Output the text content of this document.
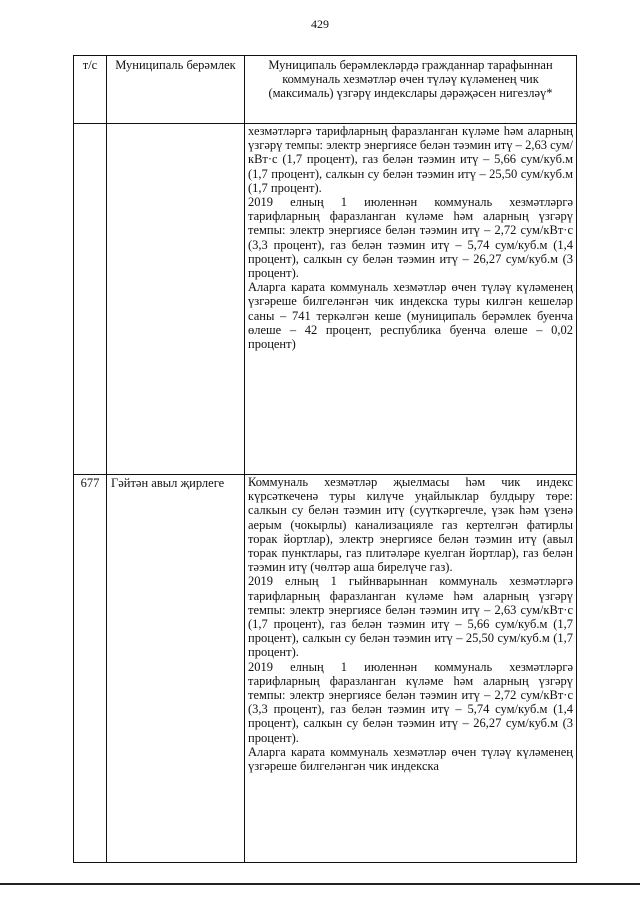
429
т/с	Муниципаль берәмлек	Муниципаль берәмлекләрдә гражданнар тарафыннан коммуналь хезмәтләр өчен түләү күләменең чик (максималь) үзгәрү индекслары дәрәҗәсен нигезләү*

		хезмәтләргә тарифларның фаразланган күләме һәм аларның үзгәрү темпы: электр энергиясе белән тәэмин итү – 2,63 сум/кВт·с (1,7 процент), газ белән тәэмин итү – 5,66 сум/куб.м (1,7 процент), салкын су белән тәэмин итү – 25,50 сум/куб.м (1,7 процент).

2019 елның 1 июленнән коммуналь хезмәтләргә тарифларның фаразланган күләме һәм аларның үзгәрү темпы: электр энергиясе белән тәэмин итү – 2,72 сум/кВт·с (3,3 процент), газ белән тәэмин итү – 5,74 сум/куб.м (1,4 процент), салкын су белән тәэмин итү – 26,27 сум/куб.м (3 процент).

Аларга карата коммуналь хезмәтләр өчен түләү күләменең үзгәреше билгеләнгән чик индекска туры килгән кешеләр саны – 741 теркәлгән кеше (муниципаль берәмлек буенча өлеше – 42 процент, республика буенча өлеше – 0,02 процент)

677	Гәйтән авыл җирлеге	Коммуналь хезмәтләр җыелмасы һәм чик индекс күрсәткеченә туры килүче уңайлыклар булдыру төре: салкын су белән тәэмин итү (суүткәргечле, үзәк һәм үзенә аерым (чокырлы) канализацияле газ кертелгән фатирлы торак йортлар), электр энергиясе белән тәэмин итү (авыл торак пунктлары, газ плитәләре куелган йортлар), газ белән тәэмин итү (чөлтәр аша бирелүче газ).

2019 елның 1 гыйнварыннан коммуналь хезмәтләргә тарифларның фаразланган күләме һәм аларның үзгәрү темпы: электр энергиясе белән тәэмин итү – 2,63 сум/кВт·с (1,7 процент), газ белән тәэмин итү – 5,66 сум/куб.м (1,7 процент), салкын су белән тәэмин итү – 25,50 сум/куб.м (1,7 процент).

2019 елның 1 июленнән коммуналь хезмәтләргә тарифларның фаразланган күләме һәм аларның үзгәрү темпы: электр энергиясе белән тәэмин итү – 2,72 сум/кВт·с (3,3 процент), газ белән тәэмин итү – 5,74 сум/куб.м (1,4 процент), салкын су белән тәэмин итү – 26,27 сум/куб.м (3 процент).

Аларга карата коммуналь хезмәтләр өчен түләү күләменең үзгәреше билгеләнгән чик индекска
